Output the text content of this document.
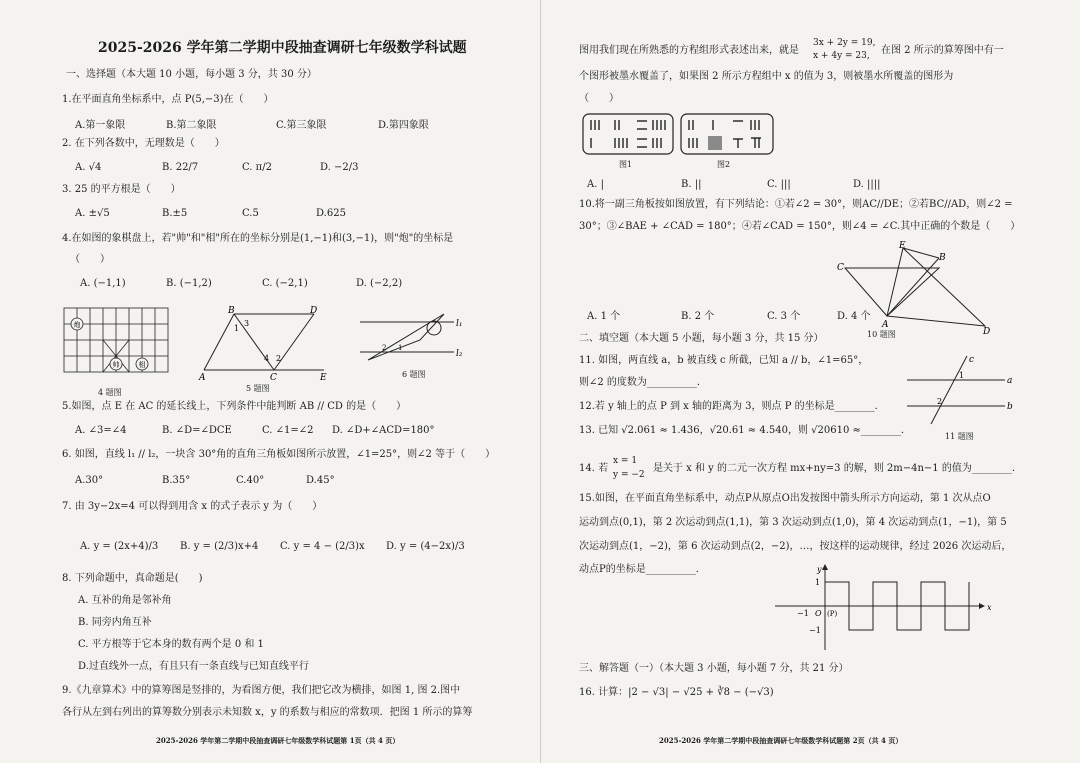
2025-2026 学年第二学期中段抽查调研七年级数学科试题
一、选择题（本大题 10 小题，每小题 3 分，共 30 分）
1.在平面直角坐标系中，点 P(5,−3)在（　　）
A.第一象限	B.第二象限	C.第三象限	D.第四象限
2. 在下列各数中，无理数是（　　）
A. √4	B. 22/7	C. π/2	D. −2/3
3. 25 的平方根是（　　）
A. ±√5	B.±5	C.5	D.625
4.在如图的象棋盘上，若"帅"和"相"所在的坐标分别是(1,−1)和(3,−1)，则"炮"的坐标是
（　　）
A. (−1,1)	B. (−1,2)	C. (−2,1)	D. (−2,2)
炮
帅	相
4 题图
A
B
C
D
E
1
2
3
4
5 题图
l₁
l₂
1
2
6 题图
5.如图，点 E 在 AC 的延长线上，下列条件中能判断 AB // CD 的是（　　）
A. ∠3=∠4	B. ∠D=∠DCE	C. ∠1=∠2 D. ∠D+∠ACD=180°
6. 如图，直线 l₁ // l₂，一块含 30°角的直角三角板如图所示放置，∠1=25°，则∠2 等于（　　）
A.30°	B.35°	C.40°	D.45°
7. 由 3y−2x=4 可以得到用含 x 的式子表示 y 为（　　）
A. y = (2x+4)/3 B. y = (2/3)x+4 C. y = 4 − (2/3)x D. y = (4−2x)/3
8. 下列命题中，真命题是(　　)
A. 互补的角是邻补角
B. 同旁内角互补
C. 平方根等于它本身的数有两个是 0 和 1
D.过直线外一点，有且只有一条直线与已知直线平行
9.《九章算术》中的算筹图是竖排的，为看图方便，我们把它改为横排，如图 1, 图 2.图中
各行从左到右列出的算筹数分别表示未知数 x，y 的系数与相应的常数项．把图 1 所示的算筹
2025-2026 学年第二学期中段抽查调研七年级数学科试题第 1页（共 4 页）
图用我们现在所熟悉的方程组形式表述出来，就是
3x + 2y = 19,
x + 4y = 23, 在图 2 所示的算筹图中有一
个图形被墨水覆盖了，如果图 2 所示方程组中 x 的值为 3，则被墨水所覆盖的图形为
（　　）
图1	图2
A. |	B. ||	C. |||	D. ||||
10.将一副三角板按如图放置，有下列结论：①若∠2 = 30°，则AC//DE；②若BC//AD，则∠2 =
30°；③∠BAE + ∠CAD = 180°；④若∠CAD = 150°，则∠4 = ∠C.其中正确的个数是（　　）
C
E
B
A
D
10 题图
A. 1 个	B. 2 个	C. 3 个	D. 4 个
二、填空题（本大题 5 小题，每小题 3 分，共 15 分）
11. 如图，两直线 a，b 被直线 c 所截，已知 a // b，∠1=65°，
则∠2 的度数为__________．	a
b
c
1
2
11 题图
12.若 y 轴上的点 P 到 x 轴的距离为 3，则点 P 的坐标是________．
13. 已知 √2.061 ≈ 1.436，√20.61 ≈ 4.540，则 √20610 ≈________．
14. 若
x = 1
y = −2
是关于 x 和 y 的二元一次方程 mx+ny=3 的解，则 2m−4n−1 的值为________．
15.如图，在平面直角坐标系中，动点P从原点O出发按图中箭头所示方向运动，第 1 次从点O
运动到点(0,1)，第 2 次运动到点(1,1)，第 3 次运动到点(1,0)，第 4 次运动到点(1，−1)，第 5
次运动到点(1，−2)，第 6 次运动到点(2，−2)，…，按这样的运动规律，经过 2026 次运动后，
动点P的坐标是__________．
x
y
1
−1
−1 O (P)
三、解答题（一）（本大题 3 小题，每小题 7 分，共 21 分）
16. 计算：|2 − √3| − √25 + ∛8 − (−√3)
2025-2026 学年第二学期中段抽查调研七年级数学科试题第 2页（共 4 页）
